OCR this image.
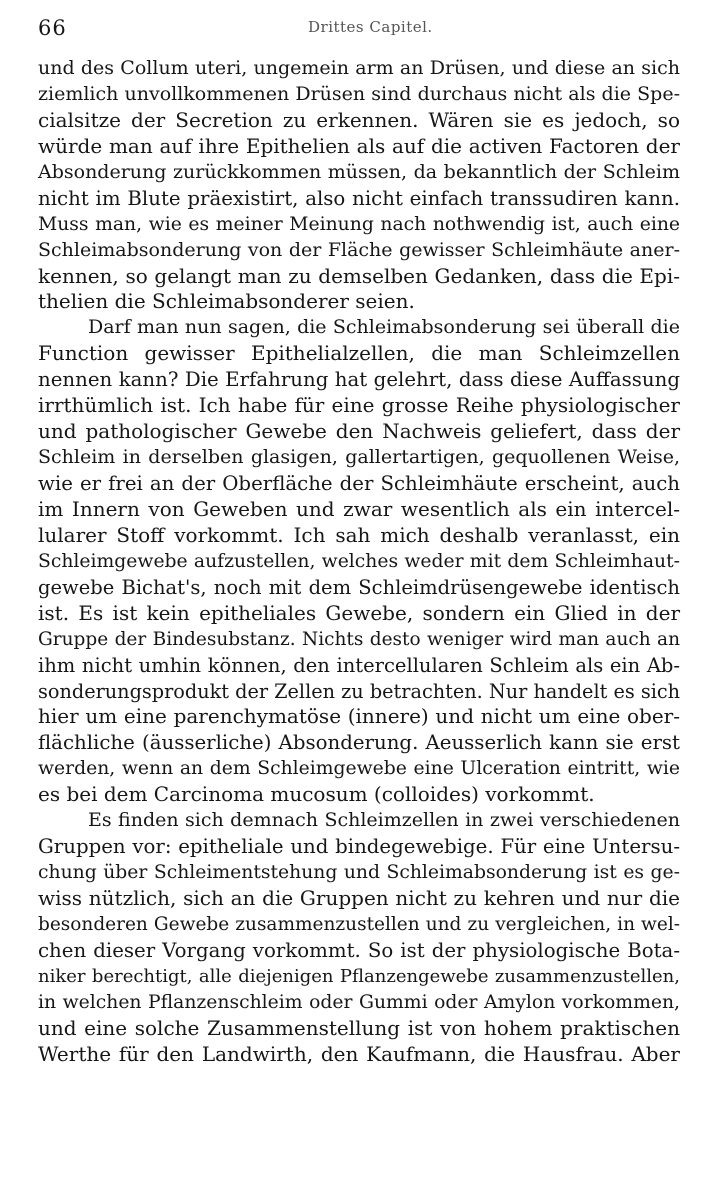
66	Drittes Capitel.
und des Collum uteri, ungemein arm an Drüsen, und diese an sich
ziemlich unvollkommenen Drüsen sind durchaus nicht als die Spe-
cialsitze der Secretion zu erkennen. Wären sie es jedoch, so
würde man auf ihre Epithelien als auf die activen Factoren der
Absonderung zurückkommen müssen, da bekanntlich der Schleim
nicht im Blute präexistirt, also nicht einfach transsudiren kann.
Muss man, wie es meiner Meinung nach nothwendig ist, auch eine
Schleimabsonderung von der Fläche gewisser Schleimhäute aner-
kennen, so gelangt man zu demselben Gedanken, dass die Epi-
thelien die Schleimabsonderer seien.
Darf man nun sagen, die Schleimabsonderung sei überall die
Function gewisser Epithelialzellen, die man Schleimzellen
nennen kann? Die Erfahrung hat gelehrt, dass diese Auffassung
irrthümlich ist. Ich habe für eine grosse Reihe physiologischer
und pathologischer Gewebe den Nachweis geliefert, dass der
Schleim in derselben glasigen, gallertartigen, gequollenen Weise,
wie er frei an der Oberfläche der Schleimhäute erscheint, auch
im Innern von Geweben und zwar wesentlich als ein intercel-
lularer Stoff vorkommt. Ich sah mich deshalb veranlasst, ein
Schleimgewebe aufzustellen, welches weder mit dem Schleimhaut-
gewebe Bichat's, noch mit dem Schleimdrüsengewebe identisch
ist. Es ist kein epitheliales Gewebe, sondern ein Glied in der
Gruppe der Bindesubstanz. Nichts desto weniger wird man auch an
ihm nicht umhin können, den intercellularen Schleim als ein Ab-
sonderungsprodukt der Zellen zu betrachten. Nur handelt es sich
hier um eine parenchymatöse (innere) und nicht um eine ober-
flächliche (äusserliche) Absonderung. Aeusserlich kann sie erst
werden, wenn an dem Schleimgewebe eine Ulceration eintritt, wie
es bei dem Carcinoma mucosum (colloides) vorkommt.
Es finden sich demnach Schleimzellen in zwei verschiedenen
Gruppen vor: epitheliale und bindegewebige. Für eine Untersu-
chung über Schleimentstehung und Schleimabsonderung ist es ge-
wiss nützlich, sich an die Gruppen nicht zu kehren und nur die
besonderen Gewebe zusammenzustellen und zu vergleichen, in wel-
chen dieser Vorgang vorkommt. So ist der physiologische Bota-
niker berechtigt, alle diejenigen Pflanzengewebe zusammenzustellen,
in welchen Pflanzenschleim oder Gummi oder Amylon vorkommen,
und eine solche Zusammenstellung ist von hohem praktischen
Werthe für den Landwirth, den Kaufmann, die Hausfrau. Aber
